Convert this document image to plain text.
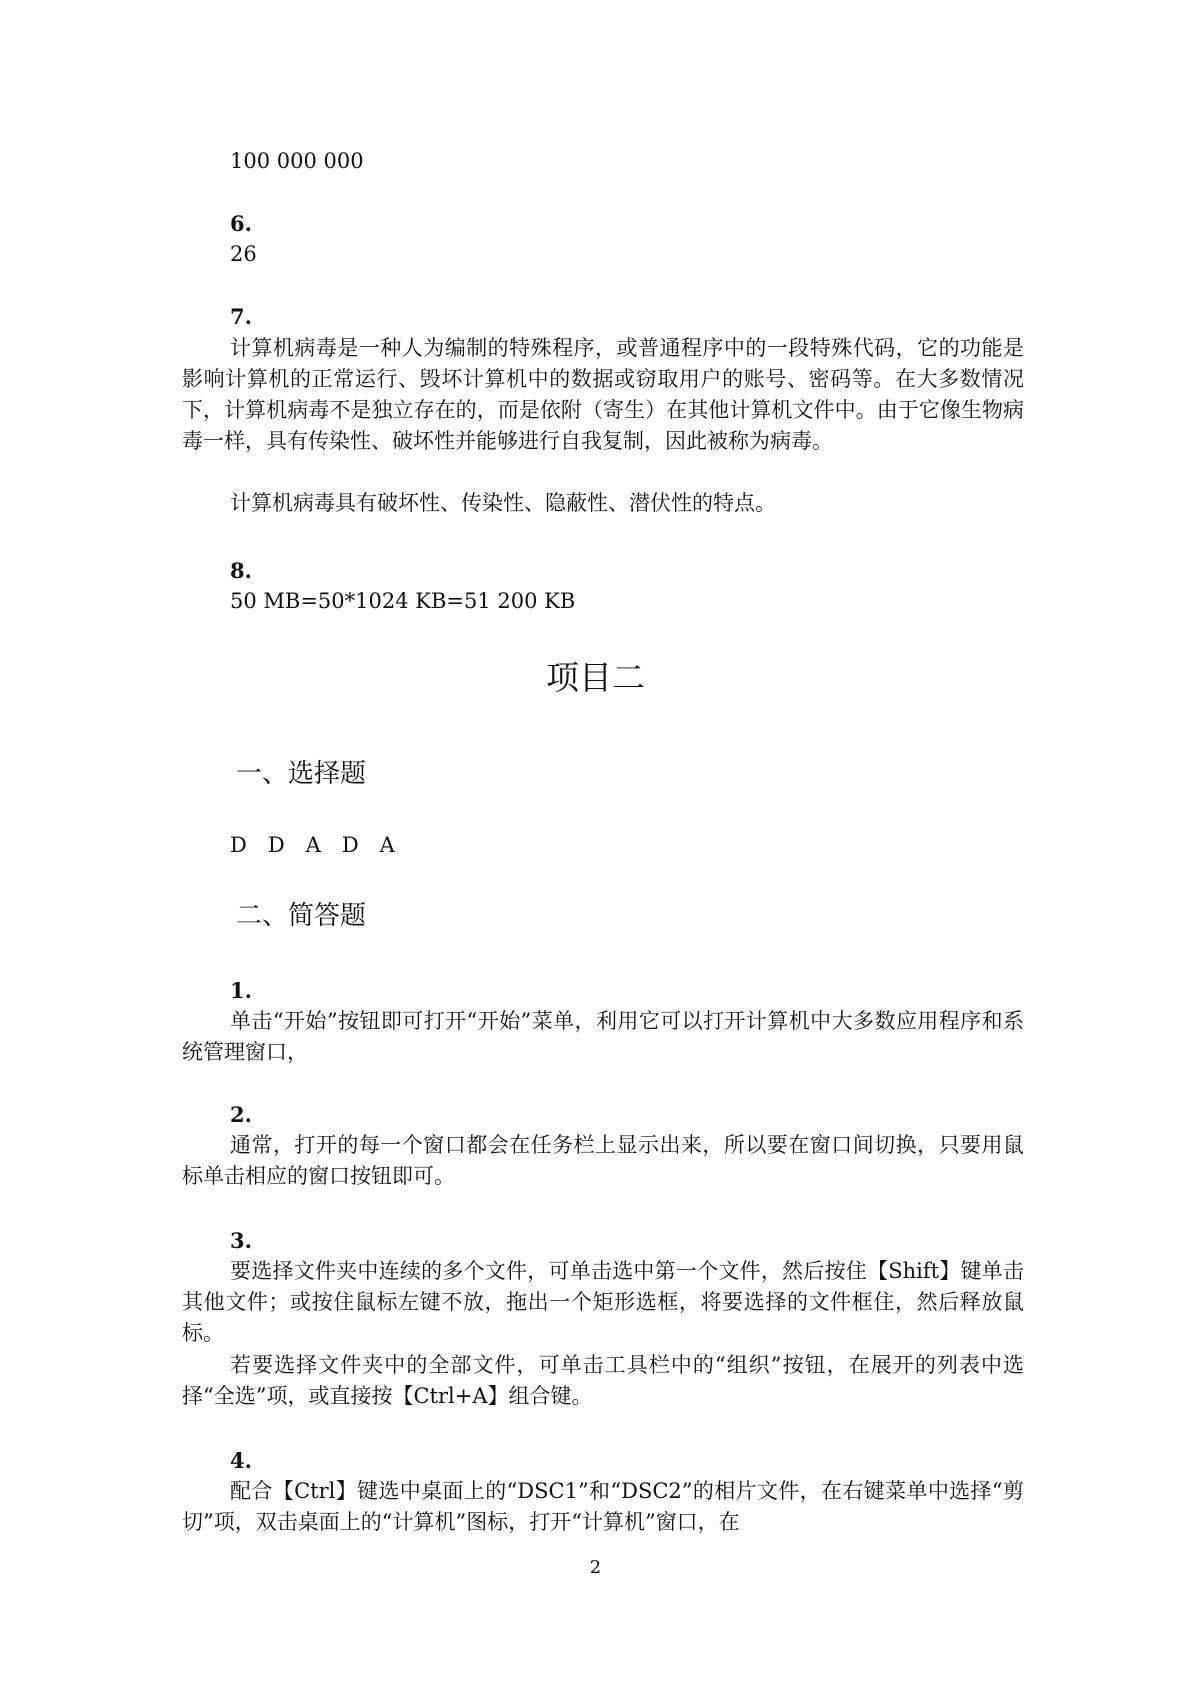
100 000 000
6.
26
7.
计算机病毒是一种人为编制的特殊程序，或普通程序中的一段特殊代码，它的功能是影响计算机的正常运行、毁坏计算机中的数据或窃取用户的账号、密码等。在大多数情况下，计算机病毒不是独立存在的，而是依附（寄生）在其他计算机文件中。由于它像生物病毒一样，具有传染性、破坏性并能够进行自我复制，因此被称为病毒。
计算机病毒具有破坏性、传染性、隐蔽性、潜伏性的特点。
8.
50 MB=50*1024 KB=51 200 KB
项目二
一、选择题
D　D　A　D　A
二、简答题
1.
单击“开始”按钮即可打开“开始”菜单，利用它可以打开计算机中大多数应用程序和系统管理窗口，
2.
通常，打开的每一个窗口都会在任务栏上显示出来，所以要在窗口间切换，只要用鼠标单击相应的窗口按钮即可。
3.
要选择文件夹中连续的多个文件，可单击选中第一个文件，然后按住【Shift】键单击其他文件；或按住鼠标左键不放，拖出一个矩形选框，将要选择的文件框住，然后释放鼠标。
若要选择文件夹中的全部文件，可单击工具栏中的“组织”按钮，在展开的列表中选择“全选”项，或直接按【Ctrl+A】组合键。
4.
配合【Ctrl】键选中桌面上的“DSC1”和“DSC2”的相片文件，在右键菜单中选择“剪切”项，双击桌面上的“计算机”图标，打开“计算机”窗口，在
2
